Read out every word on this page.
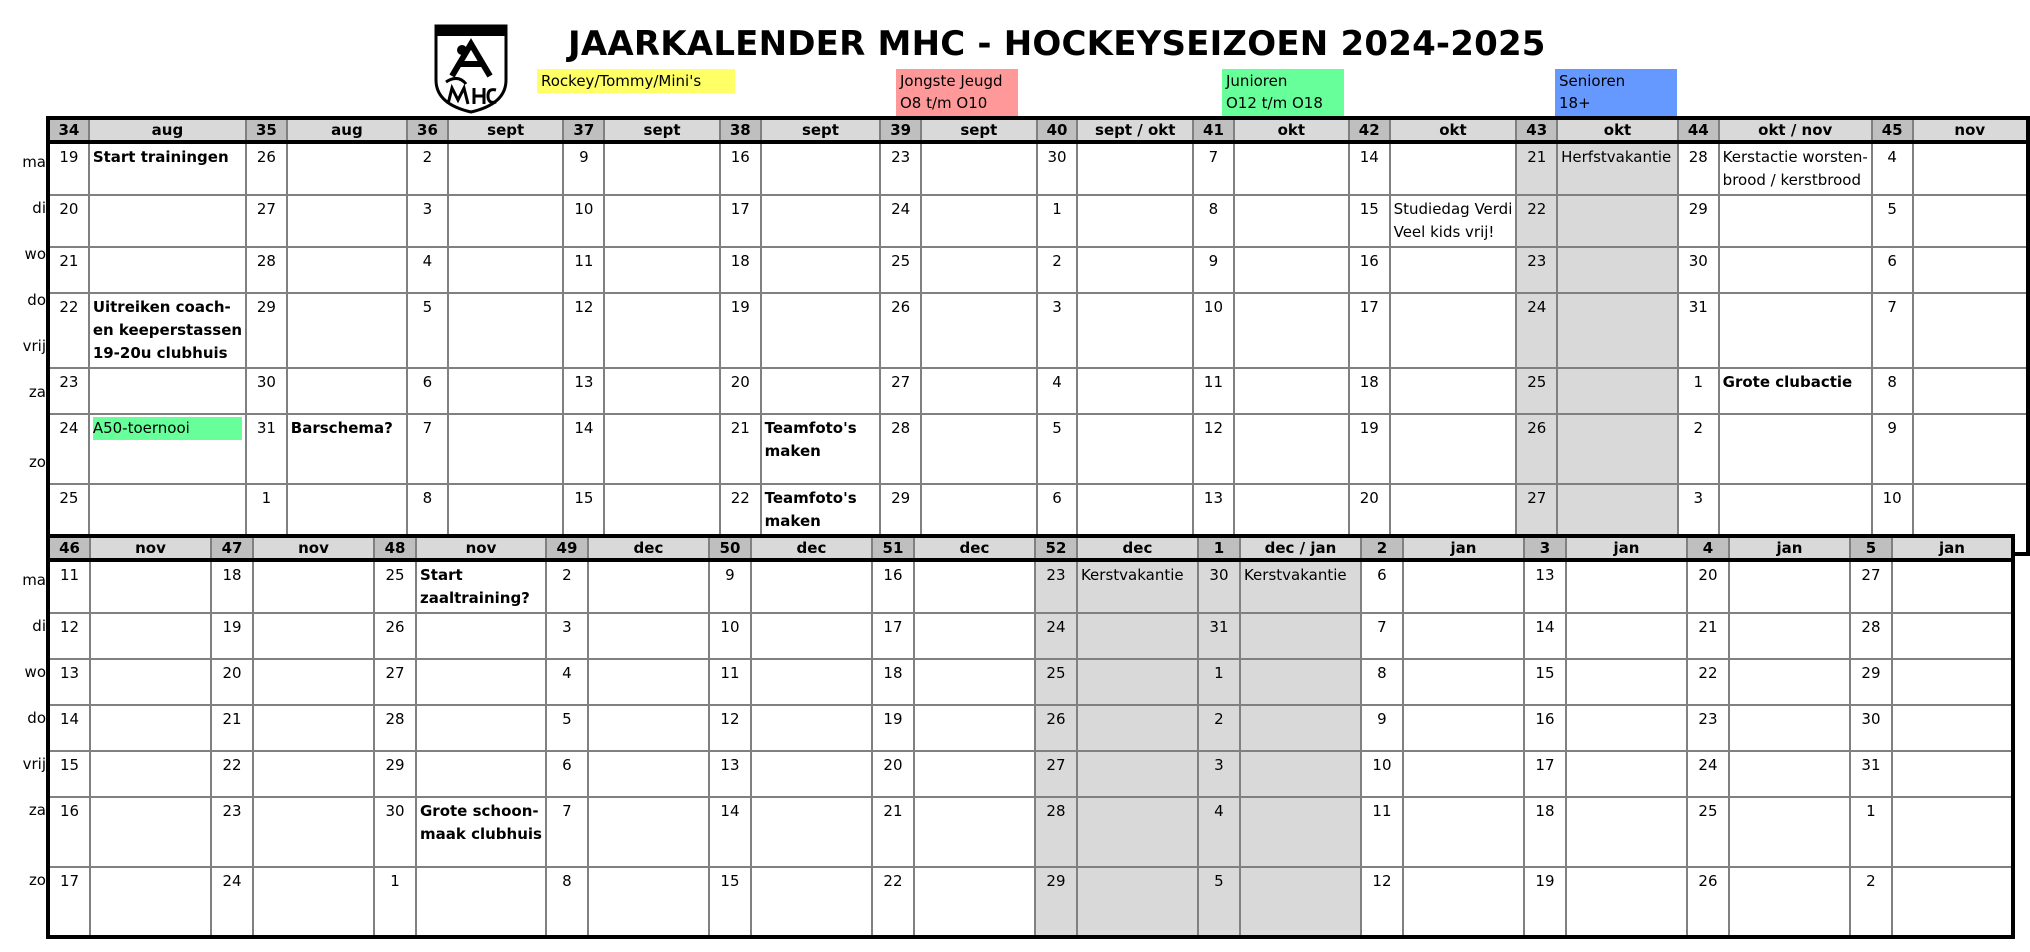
JAARKALENDER MHC - HOCKEYSEIZOEN 2024-2025
Rockey/Tommy/Mini's	Jongste Jeugd
O8 t/m O10
Junioren
O12 t/m O18
Senioren
18+
ma
di
wo
do
vrij
za
zo
34	aug	35	aug	36	sept	37	sept	38	sept	39	sept	40	sept / okt	41	okt	42	okt	43	okt	44	okt / nov	45	nov
19	Start trainingen	26		2		9		16		23		30		7		14		21	Herfstvakantie	28	Kerstactie worsten-
brood / kerstbrood	4	
20		27		3		10		17		24		1		8		15	Studiedag Verdi
Veel kids vrij!	22		29		5	
21		28		4		11		18		25		2		9		16		23		30		6	
22	Uitreiken coach-
en keeperstassen
19-20u clubhuis	29		5		12		19		26		3		10		17		24		31		7	
23		30		6		13		20		27		4		11		18		25		1	Grote clubactie	8	
24	A50-toernooi	31	Barschema?	7		14		21	Teamfoto's
maken	28		5		12		19		26		2		9	
25		1		8		15		22	Teamfoto's
maken	29		6		13		20		27		3		10	
ma
di
wo
do
vrij
za
zo
46	nov	47	nov	48	nov	49	dec	50	dec	51	dec	52	dec	1	dec / jan	2	jan	3	jan	4	jan	5	jan
11		18		25	Start
zaaltraining?	2		9		16		23	Kerstvakantie	30	Kerstvakantie	6		13		20		27	
12		19		26		3		10		17		24		31		7		14		21		28	
13		20		27		4		11		18		25		1		8		15		22		29	
14		21		28		5		12		19		26		2		9		16		23		30	
15		22		29		6		13		20		27		3		10		17		24		31	
16		23		30	Grote schoon-
maak clubhuis	7		14		21		28		4		11		18		25		1	
17		24		1		8		15		22		29		5		12		19		26		2	
